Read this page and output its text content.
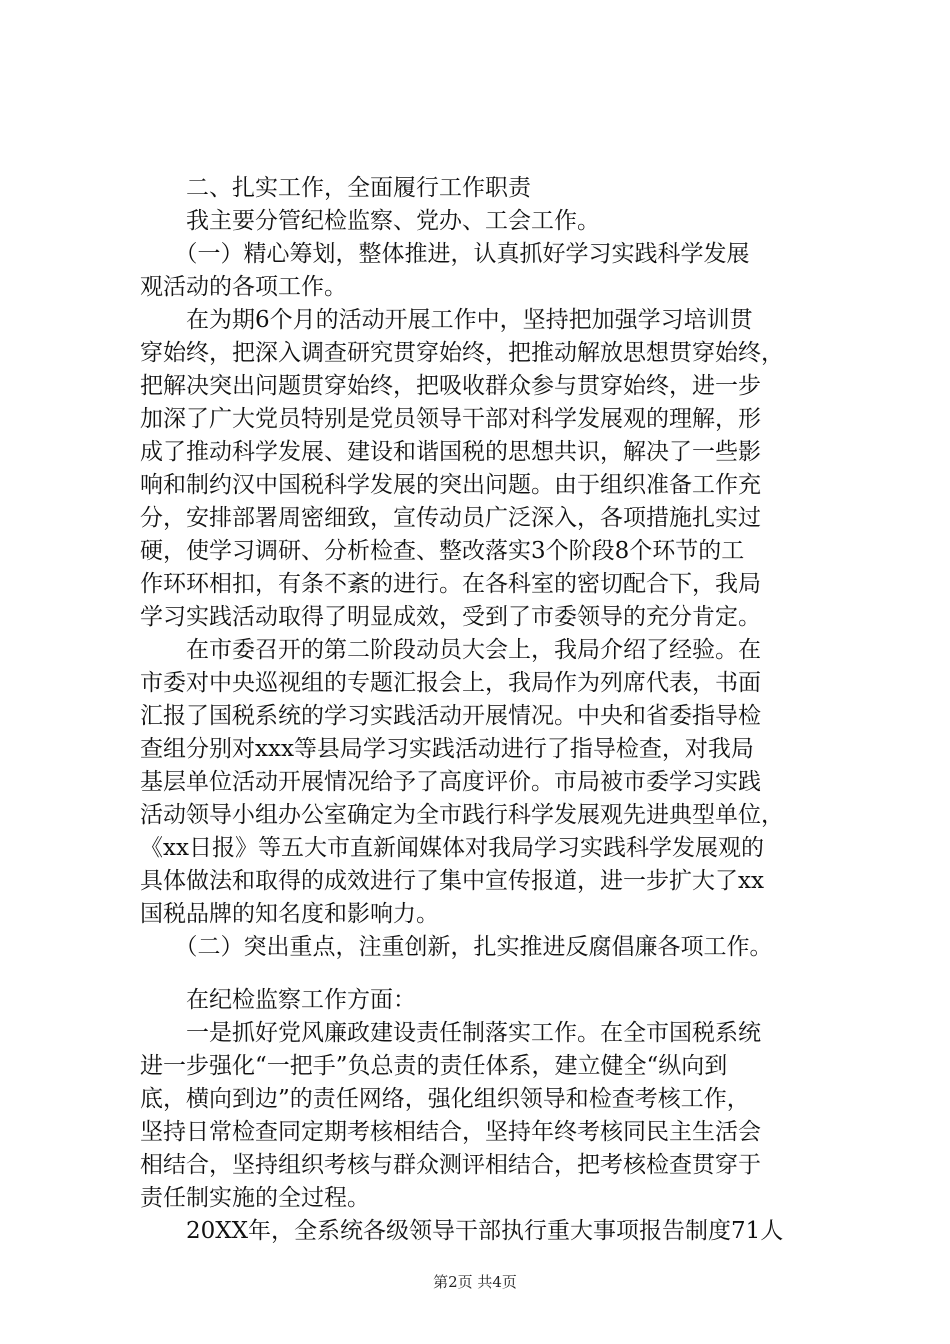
　　二、扎实工作，全面履行工作职责
　　我主要分管纪检监察、党办、工会工作。
　　（一）精心筹划，整体推进，认真抓好学习实践科学发展
观活动的各项工作。
　　在为期6个月的活动开展工作中，坚持把加强学习培训贯
穿始终，把深入调查研究贯穿始终，把推动解放思想贯穿始终，
把解决突出问题贯穿始终，把吸收群众参与贯穿始终，进一步
加深了广大党员特别是党员领导干部对科学发展观的理解，形
成了推动科学发展、建设和谐国税的思想共识，解决了一些影
响和制约汉中国税科学发展的突出问题。由于组织准备工作充
分，安排部署周密细致，宣传动员广泛深入，各项措施扎实过
硬，使学习调研、分析检查、整改落实3个阶段8个环节的工
作环环相扣，有条不紊的进行。在各科室的密切配合下，我局
学习实践活动取得了明显成效，受到了市委领导的充分肯定。
　　在市委召开的第二阶段动员大会上，我局介绍了经验。在
市委对中央巡视组的专题汇报会上，我局作为列席代表，书面
汇报了国税系统的学习实践活动开展情况。中央和省委指导检
查组分别对xxx等县局学习实践活动进行了指导检查，对我局
基层单位活动开展情况给予了高度评价。市局被市委学习实践
活动领导小组办公室确定为全市践行科学发展观先进典型单位，
《xx日报》等五大市直新闻媒体对我局学习实践科学发展观的
具体做法和取得的成效进行了集中宣传报道，进一步扩大了xx
国税品牌的知名度和影响力。
　　（二）突出重点，注重创新，扎实推进反腐倡廉各项工作。
　　在纪检监察工作方面：
　　一是抓好党风廉政建设责任制落实工作。在全市国税系统
进一步强化“一把手”负总责的责任体系，建立健全“纵向到
底，横向到边”的责任网络，强化组织领导和检查考核工作，
坚持日常检查同定期考核相结合，坚持年终考核同民主生活会
相结合，坚持组织考核与群众测评相结合，把考核检查贯穿于
责任制实施的全过程。
　　20XX年，全系统各级领导干部执行重大事项报告制度71人
第2页 共4页
